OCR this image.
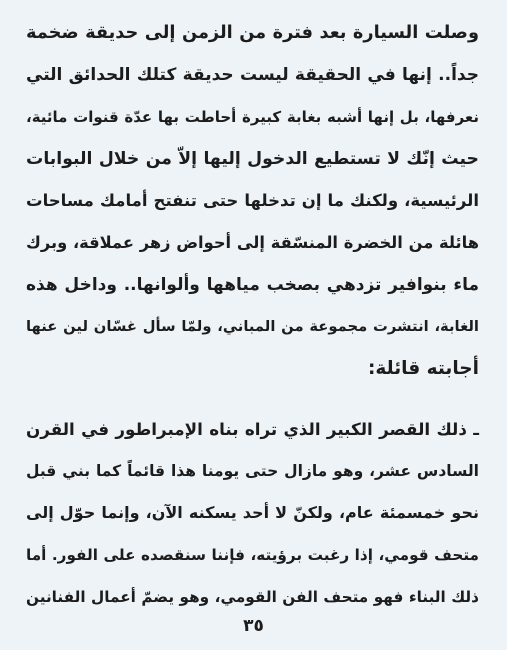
وصلت السيارة بعد فترة من الزمن إلى حديقة ضخمة
جداً.. إنها في الحقيقة ليست حديقة كتلك الحدائق التي
نعرفها، بل إنها أشبه بغابة كبيرة أحاطت بها عدّة قنوات مائية،
حيث إنّك لا تستطيع الدخول إليها إلاّ من خلال البوابات
الرئيسية، ولكنك ما إن تدخلها حتى تنفتح أمامك مساحات
هائلة من الخضرة المنسّقة إلى أحواض زهر عملاقة، وبرك
ماء بنوافير تزدهي بصخب مياهها وألوانها.. وداخل هذه
الغابة، انتشرت مجموعة من المباني، ولمّا سأل غسّان لين عنها
أجابته قائلة:
ـ ذلك القصر الكبير الذي تراه بناه الإمبراطور في القرن
السادس عشر، وهو مازال حتى يومنا هذا قائماً كما بني قبل
نحو خمسمئة عام، ولكنّ لا أحد يسكنه الآن، وإنما حوّل إلى
متحف قومي، إذا رغبت برؤيته، فإننا سنقصده على الفور. أما
ذلك البناء فهو متحف الفن القومي، وهو يضمّ أعمال الفنانين
٣٥
